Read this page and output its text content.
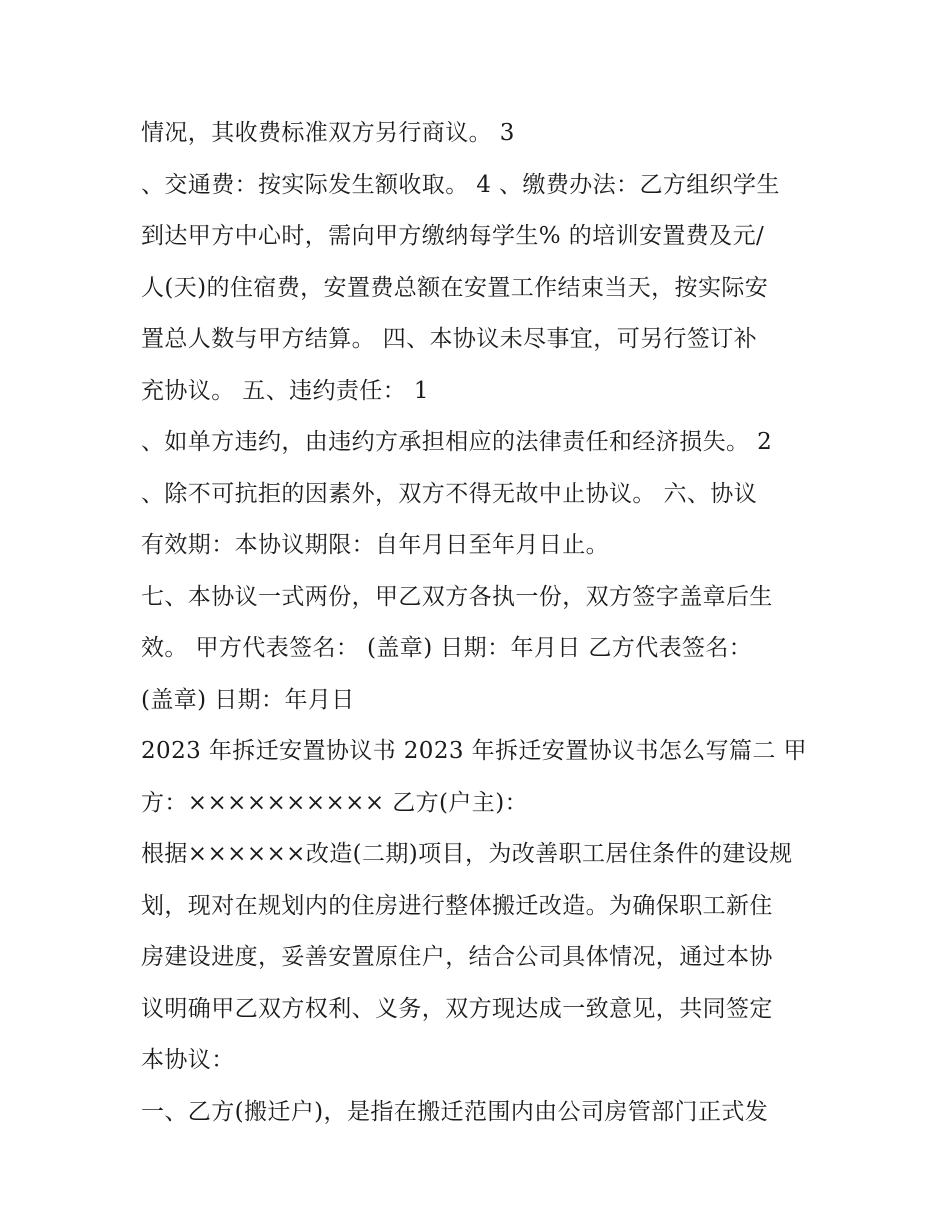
情况，其收费标准双方另行商议。 3
、交通费：按实际发生额收取。 4 、缴费办法：乙方组织学生
到达甲方中心时，需向甲方缴纳每学生% 的培训安置费及元/
人(天)的住宿费，安置费总额在安置工作结束当天，按实际安
置总人数与甲方结算。 四、本协议未尽事宜，可另行签订补
充协议。 五、违约责任： 1
、如单方违约，由违约方承担相应的法律责任和经济损失。 2
、除不可抗拒的因素外，双方不得无故中止协议。 六、协议
有效期：本协议期限：自年月日至年月日止。
七、本协议一式两份，甲乙双方各执一份，双方签字盖章后生
效。 甲方代表签名： (盖章) 日期：年月日 乙方代表签名：
(盖章) 日期：年月日
2023 年拆迁安置协议书 2023 年拆迁安置协议书怎么写篇二 甲
方：×××××××××× 乙方(户主)：
根据××××××改造(二期)项目，为改善职工居住条件的建设规
划，现对在规划内的住房进行整体搬迁改造。为确保职工新住
房建设进度，妥善安置原住户，结合公司具体情况，通过本协
议明确甲乙双方权利、义务，双方现达成一致意见，共同签定
本协议：
一、乙方(搬迁户)，是指在搬迁范围内由公司房管部门正式发
